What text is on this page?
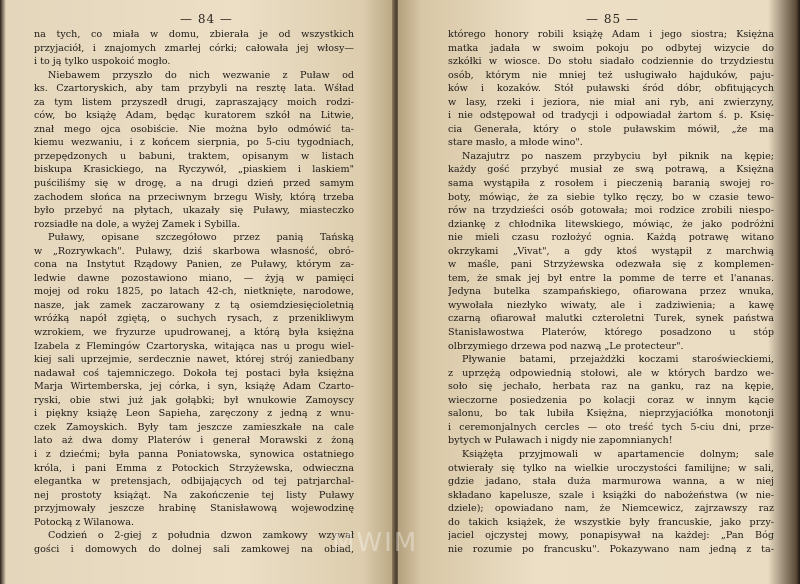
— 84 —
na tych, co miała w domu, zbierała je od wszystkich
przyjaciół, i znajomych zmarłej córki; całowała jej włosy—
i to ją tylko uspokoić mogło.
Niebawem przyszło do nich wezwanie z Puław od
ks. Czartoryskich, aby tam przybyli na resztę lata. Wśład
za tym listem przyszedł drugi, zapraszający moich rodzi-
ców, bo książę Adam, będąc kuratorem szkół na Litwie,
znał mego ojca osobiście. Nie można było odmówić ta-
kiemu wezwaniu, i z końcem sierpnia, po 5-ciu tygodniach,
przepędzonych u babuni, traktem, opisanym w listach
biskupa Krasickiego, na Ryczywół, „piaskiem i laskiem"
puściliśmy się w drogę, a na drugi dzień przed samym
zachodem słońca na przeciwnym brzegu Wisły, którą trzeba
było przebyć na płytach, ukazały się Puławy, miasteczko
rozsiadłe na dole, a wyżej Zamek i Sybilla.
Puławy, opisane szczegółowo przez panią Tańską
w „Rozrywkach". Puławy, dziś skarbowa własność, obró-
cona na Instytut Rządowy Panien, ze Puławy, którym za-
ledwie dawne pozostawiono miano, — żyją w pamięci
mojej od roku 1825, po latach 42-ch, nietknięte, narodowe,
nasze, jak zamek zaczarowany z tą osiemdziesięcioletnią
wróżką napół zgiętą, o suchych rysach, z przenikliwym
wzrokiem, we fryzurze upudrowanej, a którą była księżna
Izabela z Flemingów Czartoryska, witająca nas u progu wiel-
kiej sali uprzejmie, serdecznie nawet, której strój zaniedbany
nadawał coś tajemniczego. Dokoła tej postaci była księżna
Marja Wirtemberska, jej córka, i syn, książę Adam Czarto-
ryski, obie stwi już jak gołąbki; był wnukowie Zamoyscy
i piękny książę Leon Sapieha, zaręczony z jedną z wnu-
czek Zamoyskich. Były tam jeszcze zamieszkałe na cale
lato aż dwa domy Platerów i generał Morawski z żoną
i z dziećmi; była panna Poniatowska, synowica ostatniego
króla, i pani Emma z Potockich Strzyżewska, odwieczna
elegantka w pretensjach, odbijających od tej patrjarchal-
nej prostoty książąt. Na zakończenie tej listy Puławy
przyjmowały jeszcze hrabinę Stanisławową wojewodzinę
Potocką z Wilanowa.
Codzień o 2-giej z południa dzwon zamkowy wzywał
gości i domowych do dolnej sali zamkowej na obiad,
— 85 —
którego honory robili książę Adam i jego siostra; Księżna
matka jadała w swoim pokoju po odbytej wizycie do
szkółki w wiosce. Do stołu siadało codziennie do trzydziestu
osób, którym nie mniej też usługiwało hajduków, paju-
ków i kozaków. Stół puławski śród dóbr, obfitujących
w lasy, rzeki i jeziora, nie miał ani ryb, ani zwierzyny,
i nie odstępował od tradycji i odpowiadał żartom ś. p. Księ-
cia Generała, który o stole puławskim mówił, „że ma
stare masło, a młode wino".
Nazajutrz po naszem przybyciu był piknik na kępie;
każdy gość przybyć musiał ze swą potrawą, a Księżna
sama wystąpiła z rosołem i pieczenią baranią swojej ro-
boty, mówiąc, że za siebie tylko ręczy, bo w czasie tewo-
rów na trzydzieści osób gotowała; moi rodzice zrobili niespo-
dziankę z chłodnika litewskiego, mówiąc, że jako podróżni
nie mieli czasu rozłożyć ognia. Każdą potrawę witano
okrzykami „Vivat", a gdy ktoś wystąpił z marchwią
w maśle, pani Strzyżewska odezwała się z komplemen-
tem, że smak jej był entre la pomme de terre et l'ananas.
Jedyna butelka szampańskiego, ofiarowana przez wnuka,
wywołała niezłyko wiwaty, ale i zadziwienia; a kawę
czarną ofiarował malutki czteroletni Turek, synek państwa
Stanisławostwa Platerów, którego posadzono u stóp
olbrzymiego drzewa pod nazwą „Le protecteur".
Pływanie batami, przejażdżki koczami staroświeckiemi,
z uprzężą odpowiednią stołowi, ale w których bardzo we-
soło się jechało, herbata raz na ganku, raz na kępie,
wieczorne posiedzenia po kolacji coraz w innym kącie
salonu, bo tak lubiła Księżna, nieprzyjaciółka monotonji
i ceremonjalnych cercles — oto treść tych 5-ciu dni, prze-
bytych w Puławach i nigdy nie zapomnianych!
Książęta przyjmowali w apartamencie dolnym; sale
otwierały się tylko na wielkie uroczystości familijne; w sali,
gdzie jadano, stała duża marmurowa wanna, a w niej
składano kapelusze, szale i książki do nabożeństwa (w nie-
dziele); opowiadano nam, że Niemcewicz, zajrzawszy raz
do takich książek, że wszystkie były francuskie, jako przy-
jaciel ojczystej mowy, ponapisywał na każdej: „Pan Bóg
nie rozumie po francusku". Pokazywano nam jedną z ta-
MWIM
